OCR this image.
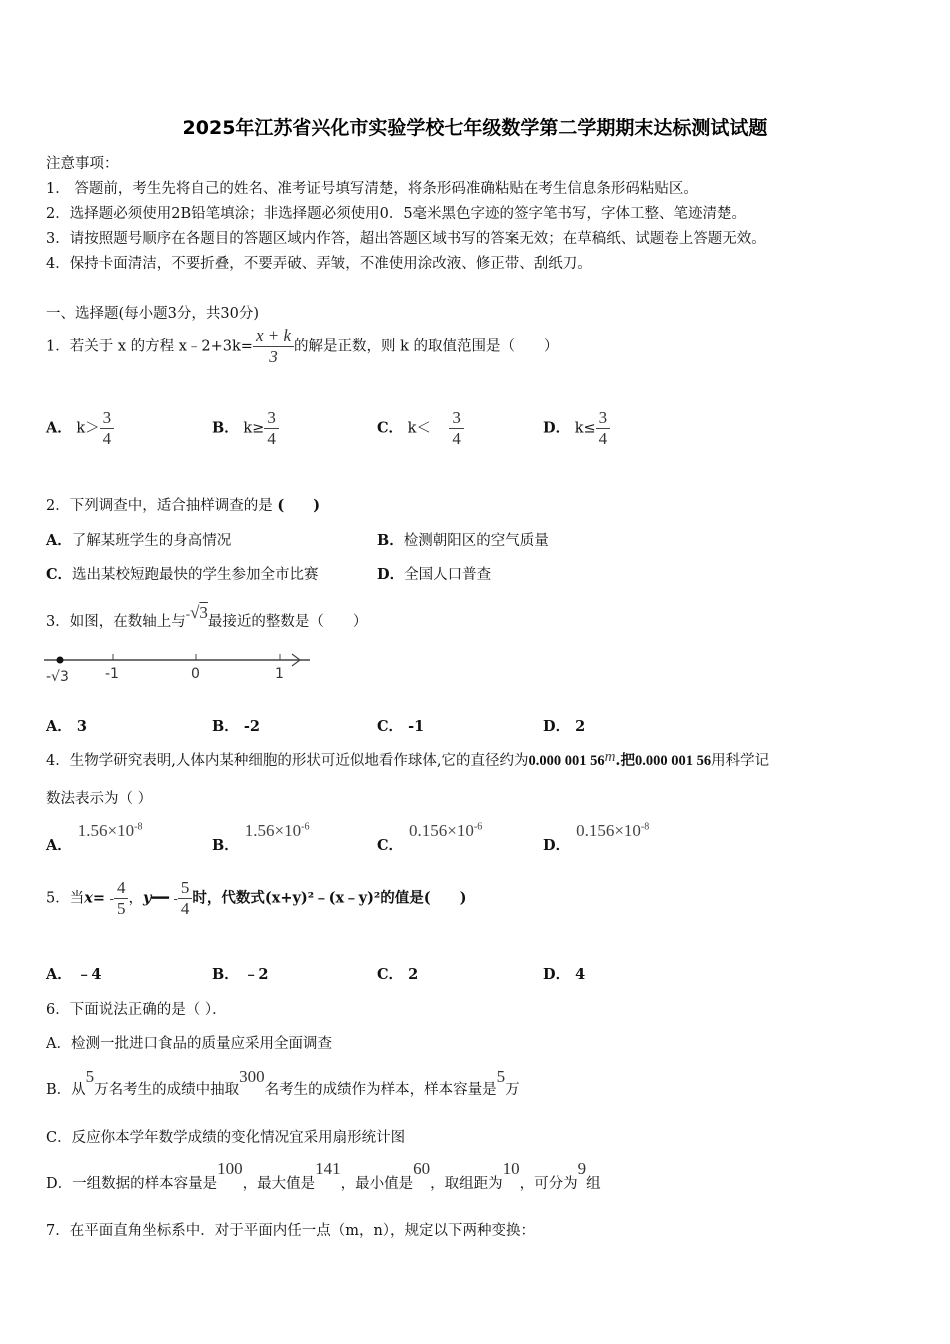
2025年江苏省兴化市实验学校七年级数学第二学期期末达标测试试题
注意事项：
1． 答题前，考生先将自己的姓名、准考证号填写清楚，将条形码准确粘贴在考生信息条形码粘贴区。
2．选择题必须使用2B铅笔填涂；非选择题必须使用0．5毫米黑色字迹的签字笔书写，字体工整、笔迹清楚。
3．请按照题号顺序在各题目的答题区域内作答，超出答题区域书写的答案无效；在草稿纸、试题卷上答题无效。
4．保持卡面清洁，不要折叠，不要弄破、弄皱，不准使用涂改液、修正带、刮纸刀。
一、选择题(每小题3分，共30分)
1．若关于 x 的方程 x﹣2+3k= $\frac{x + k}{3}$ 的解是正数，则 k 的取值范围是（　　）
A． $k> \frac{3}{4}$	B． $k\ge \frac{3}{4}$	C． $k< \frac{3}{4}$	D． $k\le \frac{3}{4}$
2．下列调查中，适合抽样调查的是 (　　)
A．了解某班学生的身高情况	B．检测朝阳区的空气质量
C．选出某校短跑最快的学生参加全市比赛	D．全国人口普查
3．如图，在数轴上与-√3最接近的整数是（　　）
-√3	-1	0	1
A． 3	B． -2	C． -1	D． 2
4．生物学研究表明,人体内某种细胞的形状可近似地看作球体,它的直径约为0.000 001 56m.把0.000 001 56用科学记
数法表示为（ ）
A．$1.56\times 10^{-8}$
B．$1.56\times 10^{-6}$
C．$0.156\times 10^{-6}$
D．$0.156\times 10^{-8}$
5．当$x= - \frac{4}{5}$ ，y━━ - $\frac{5}{4}$ 时，代数式(x+y)²﹣(x﹣y)²的值是(　　)
A． ﹣4	B． ﹣2	C． 2	D． 4
6．下面说法正确的是（ ）．
A．检测一批进口食品的质量应采用全面调查
B．从5万名考生的成绩中抽取300名考生的成绩作为样本，样本容量是5万
C．反应你本学年数学成绩的变化情况宜采用扇形统计图
D．一组数据的样本容量是100，最大值是141，最小值是60，取组距为10，可分为9组
7．在平面直角坐标系中．对于平面内任一点（m，n），规定以下两种变换：
